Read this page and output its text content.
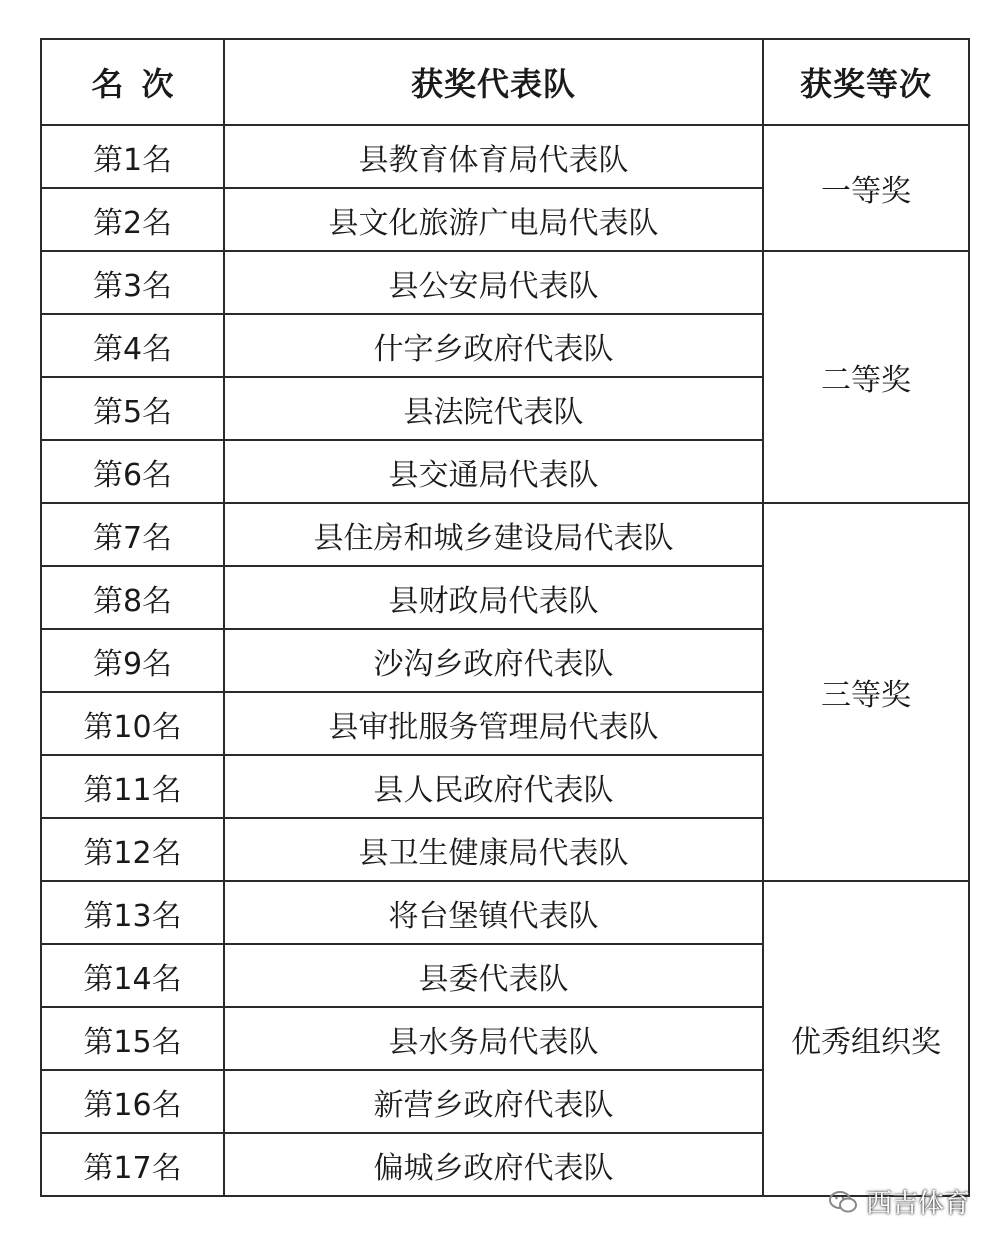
名次	获奖代表队	获奖等次
第1名	县教育体育局代表队	一等奖
第2名	县文化旅游广电局代表队	
第3名	县公安局代表队	二等奖
第4名	什字乡政府代表队	
第5名	县法院代表队	
第6名	县交通局代表队	
第7名	县住房和城乡建设局代表队	三等奖
第8名	县财政局代表队	
第9名	沙沟乡政府代表队	
第10名	县审批服务管理局代表队	
第11名	县人民政府代表队	
第12名	县卫生健康局代表队	
第13名	将台堡镇代表队	优秀组织奖
第14名	县委代表队	
第15名	县水务局代表队	
第16名	新营乡政府代表队	
第17名	偏城乡政府代表队	
西吉体育
